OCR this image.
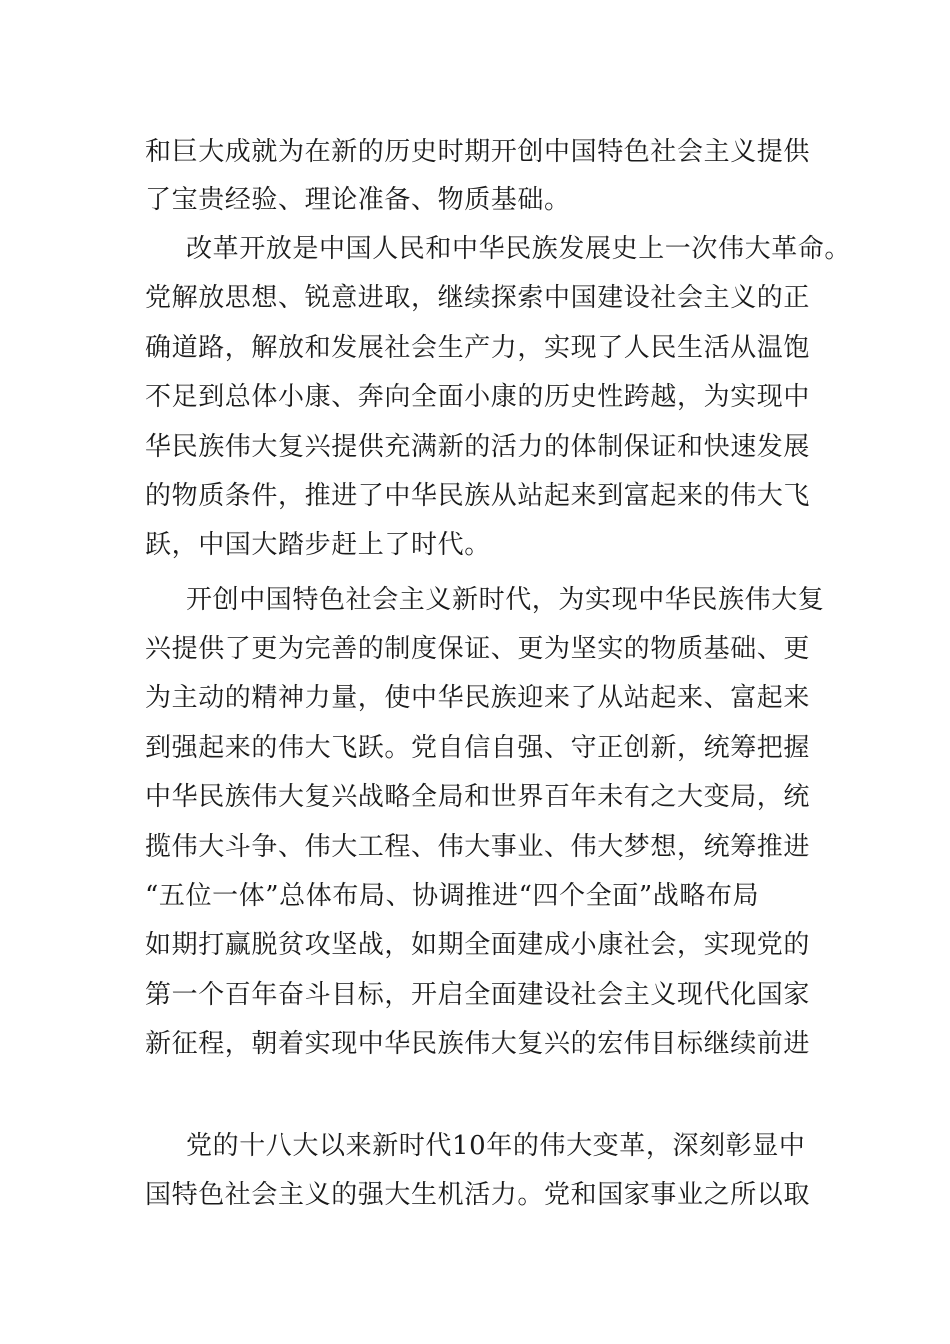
和巨大成就为在新的历史时期开创中国特色社会主义提供
了宝贵经验、理论准备、物质基础。
改革开放是中国人民和中华民族发展史上一次伟大革命。
党解放思想、锐意进取，继续探索中国建设社会主义的正
确道路，解放和发展社会生产力，实现了人民生活从温饱
不足到总体小康、奔向全面小康的历史性跨越，为实现中
华民族伟大复兴提供充满新的活力的体制保证和快速发展
的物质条件，推进了中华民族从站起来到富起来的伟大飞
跃，中国大踏步赶上了时代。
开创中国特色社会主义新时代，为实现中华民族伟大复
兴提供了更为完善的制度保证、更为坚实的物质基础、更
为主动的精神力量，使中华民族迎来了从站起来、富起来
到强起来的伟大飞跃。党自信自强、守正创新，统筹把握
中华民族伟大复兴战略全局和世界百年未有之大变局，统
揽伟大斗争、伟大工程、伟大事业、伟大梦想，统筹推进
“五位一体”总体布局、协调推进“四个全面”战略布局
如期打赢脱贫攻坚战，如期全面建成小康社会，实现党的
第一个百年奋斗目标，开启全面建设社会主义现代化国家
新征程，朝着实现中华民族伟大复兴的宏伟目标继续前进
党的十八大以来新时代10年的伟大变革，深刻彰显中
国特色社会主义的强大生机活力。党和国家事业之所以取
